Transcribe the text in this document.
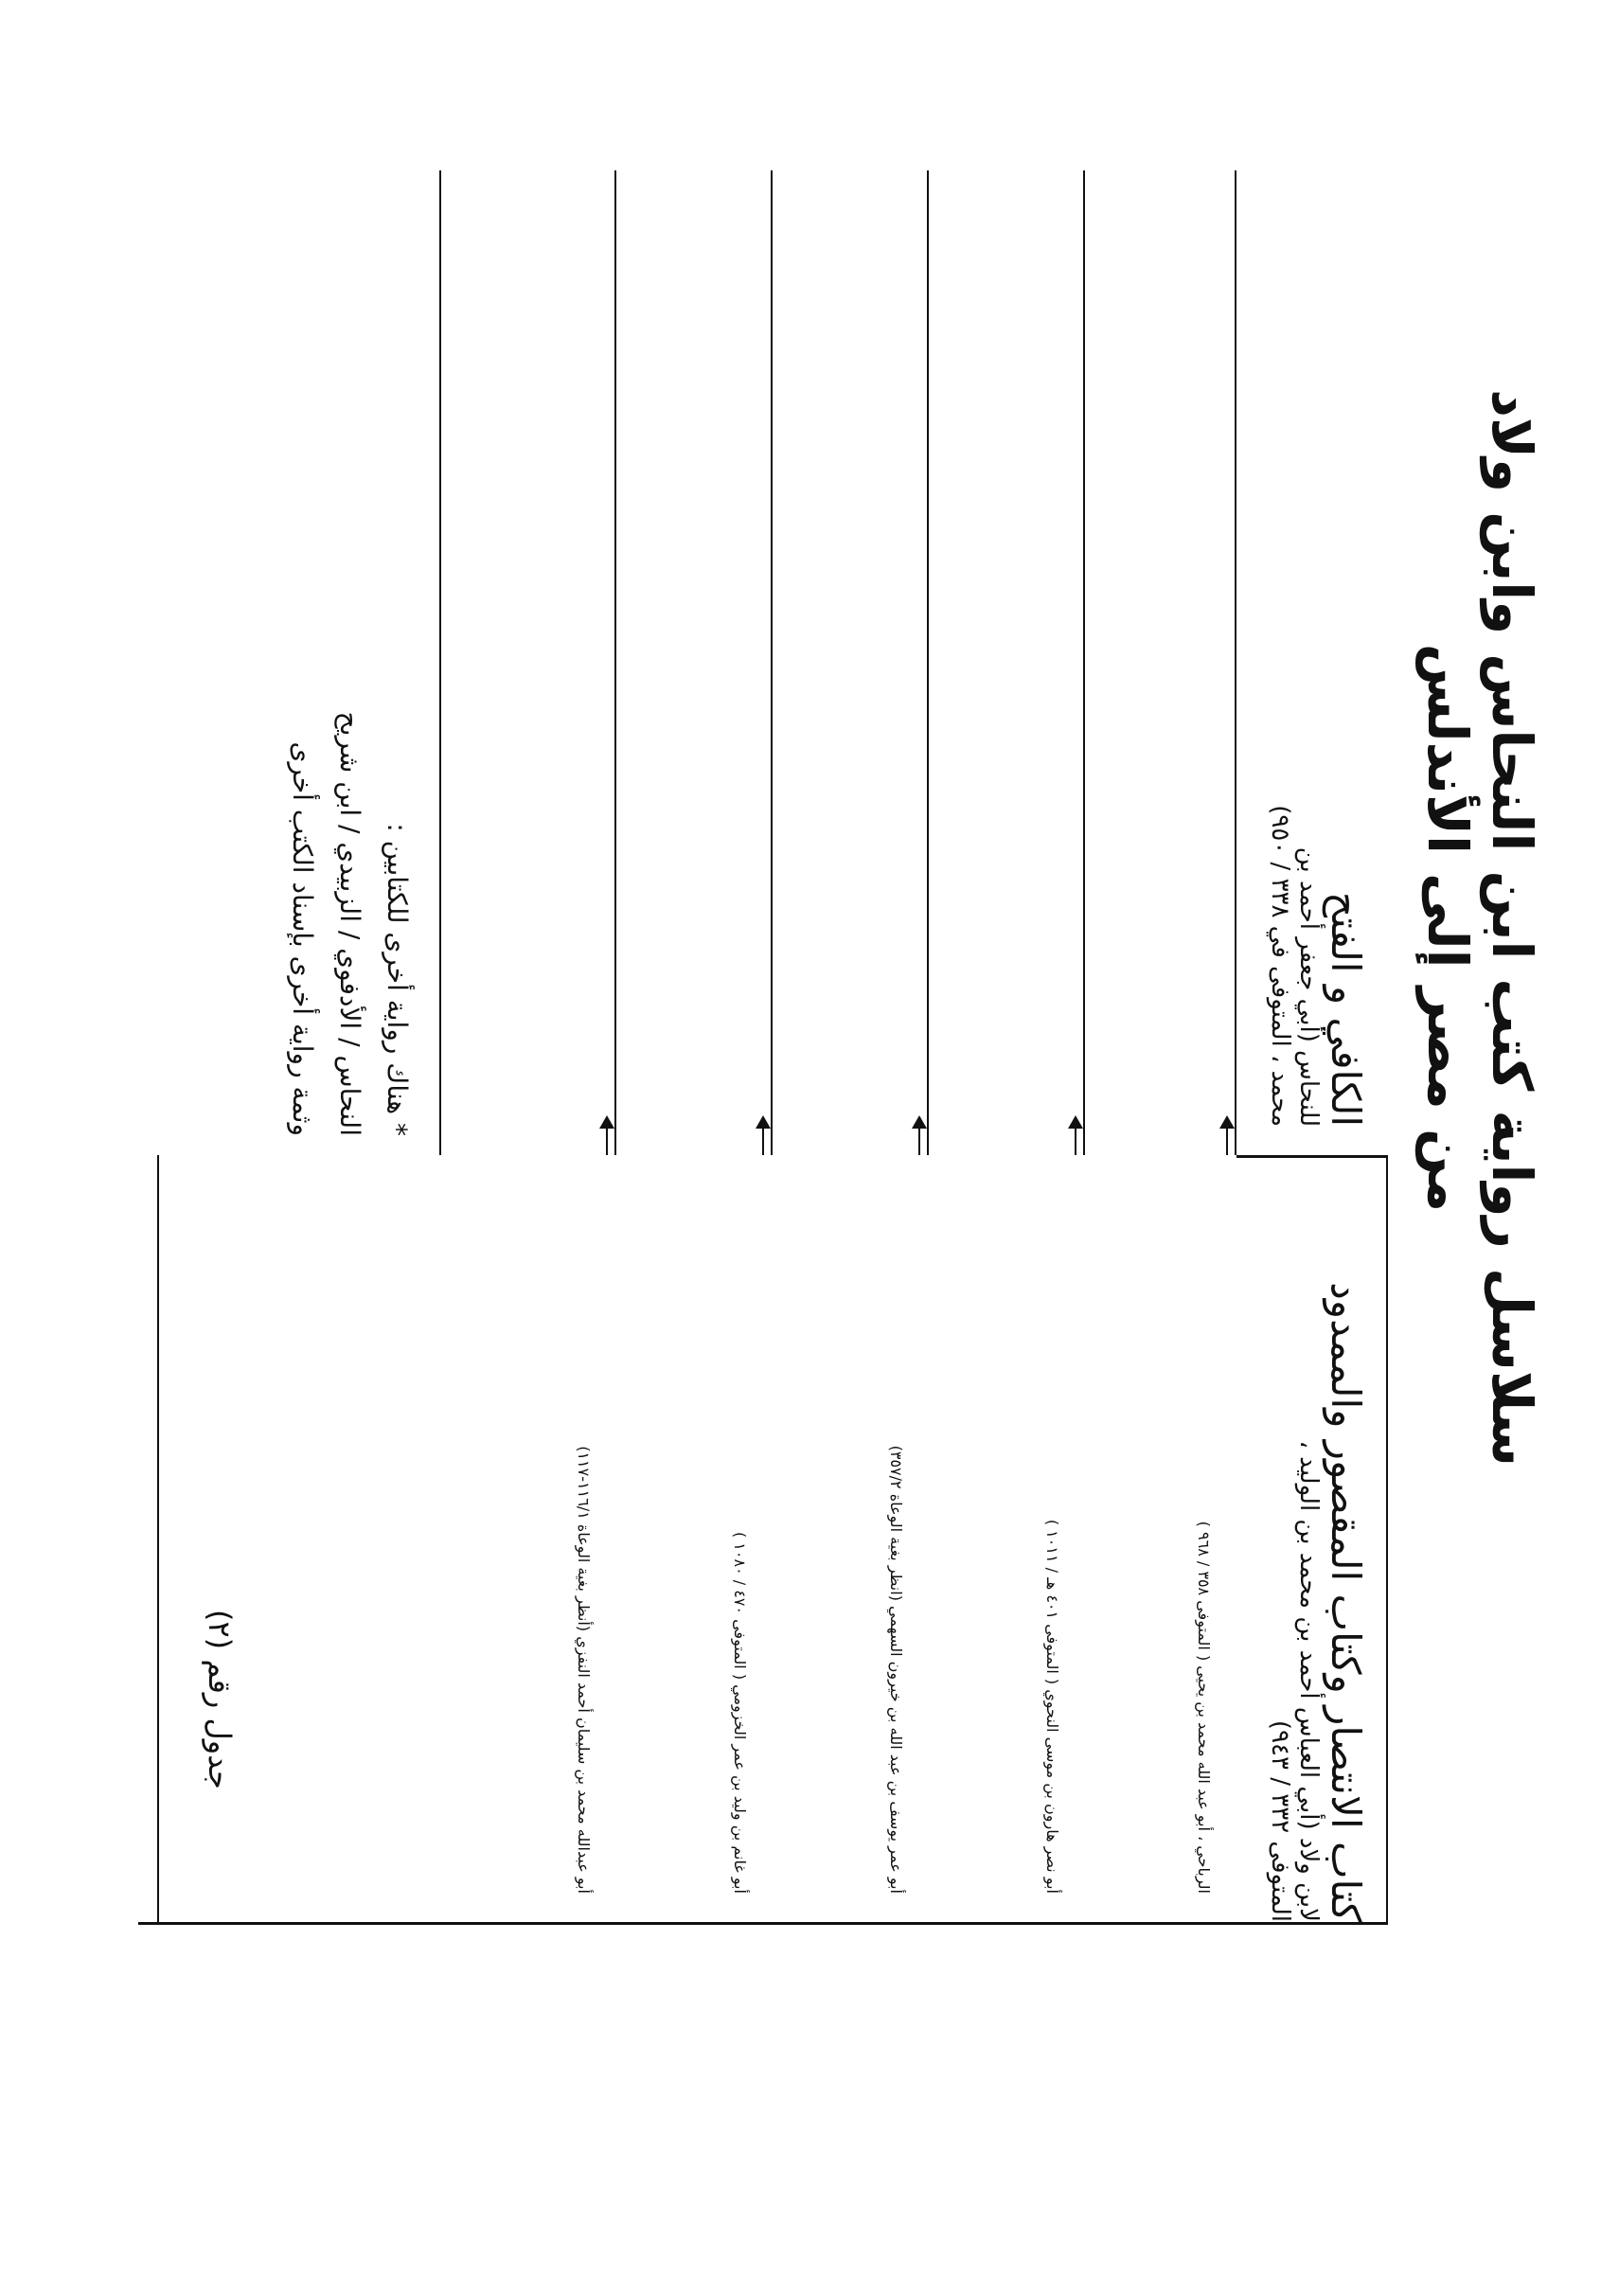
سلاسل رواية كتب ابن النحاس وابن ولاد من مصر إلى الأندلس
كتاب الانتصار وكتاب المقصور والممدود
لابن ولاد (أبي العباس أحمد بن محمد بن الوليد ،
المتوفى ٣٣٢ / ٩٤٣)
الكافي و الفتح
للنحاس (أبي جعفر أحمد بن
محمد ، المتوفى في ٣٣٨ / ٩٥٠)
الرباحي ، أبو عبد الله محمد بن يحيى ( المتوفى ٣٥٨ / ٩٦٨ )
أبو نصر هارون بن موسى النحوي ( المتوفى ٤٠١ هـ / ١٠١١ )
أبو عمر يوسف بن عبد الله بن خيرون السهمي (انظر بغية الوعاة ٣٥٧/٢)
أبو غانم بن وليد بن عمر الخزومي ( المتوفى ٤٧٠ / ١٠٨٠ )
أبو عبدالله محمد بن سليمان أحمد النفزي (أنظر بغية الوعاة ١١٦/١-١١٧)
* هناك رواية أخرى للكتابين :
النحاس / الأدفوي / الزبيدي / ابن شريح
وثمة رواية أخرى بإسناد الكتب أخرى
جدول رقم (٢)
